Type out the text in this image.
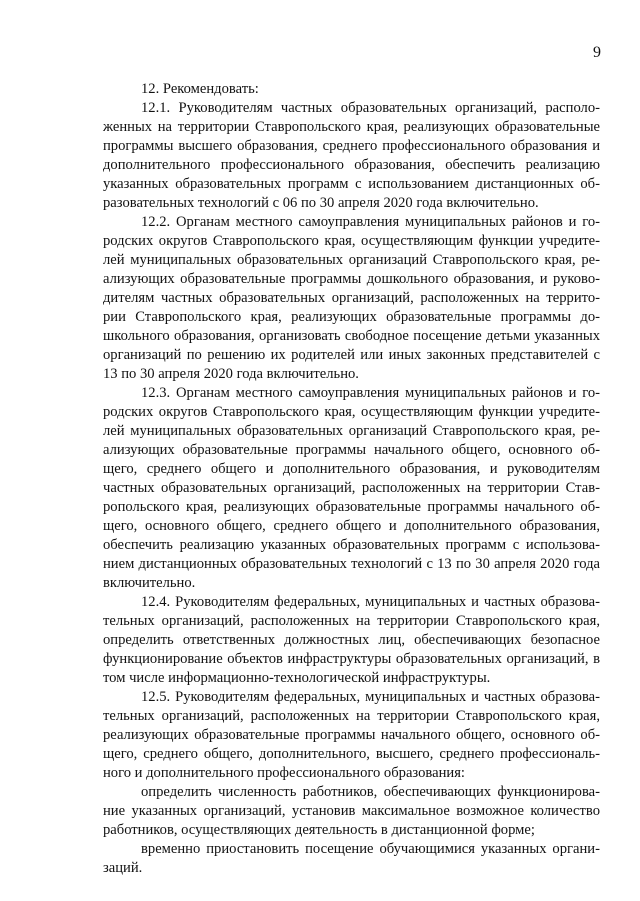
9

12. Рекомендовать:

12.1. Руководителям частных образовательных организаций, расположенных на территории Ставропольского края, реализующих образовательные программы высшего образования, среднего профессионального образования и дополнительного профессионального образования, обеспечить реализацию указанных образовательных программ с использованием дистанционных образовательных технологий с 06 по 30 апреля 2020 года включительно.

12.2. Органам местного самоуправления муниципальных районов и городских округов Ставропольского края, осуществляющим функции учредителей муниципальных образовательных организаций Ставропольского края, реализующих образовательные программы дошкольного образования, и руководителям частных образовательных организаций, расположенных на территории Ставропольского края, реализующих образовательные программы дошкольного образования, организовать свободное посещение детьми указанных организаций по решению их родителей или иных законных представителей с 13 по 30 апреля 2020 года включительно.

12.3. Органам местного самоуправления муниципальных районов и городских округов Ставропольского края, осуществляющим функции учредителей муниципальных образовательных организаций Ставропольского края, реализующих образовательные программы начального общего, основного общего, среднего общего и дополнительного образования, и руководителям частных образовательных организаций, расположенных на территории Ставропольского края, реализующих образовательные программы начального общего, основного общего, среднего общего и дополнительного образования, обеспечить реализацию указанных образовательных программ с использованием дистанционных образовательных технологий с 13 по 30 апреля 2020 года включительно.

12.4. Руководителям федеральных, муниципальных и частных образовательных организаций, расположенных на территории Ставропольского края, определить ответственных должностных лиц, обеспечивающих безопасное функционирование объектов инфраструктуры образовательных организаций, в том числе информационно-технологической инфраструктуры.

12.5. Руководителям федеральных, муниципальных и частных образовательных организаций, расположенных на территории Ставропольского края, реализующих образовательные программы начального общего, основного общего, среднего общего, дополнительного, высшего, среднего профессионального и дополнительного профессионального образования:

определить численность работников, обеспечивающих функционирование указанных организаций, установив максимальное возможное количество работников, осуществляющих деятельность в дистанционной форме;

временно приостановить посещение обучающимися указанных организаций.
